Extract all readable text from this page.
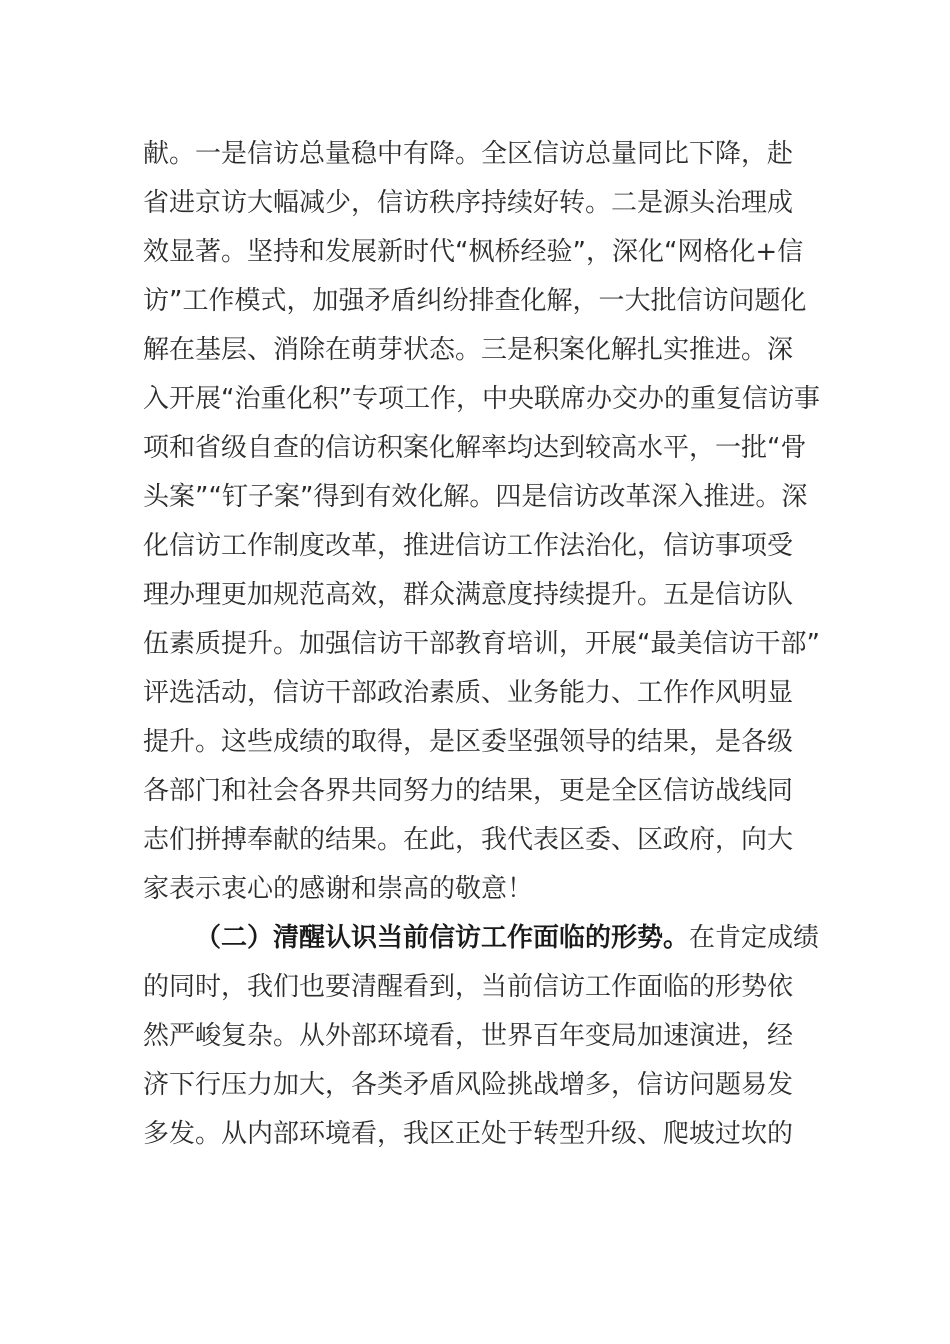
献。一是信访总量稳中有降。全区信访总量同比下降，赴
省进京访大幅减少，信访秩序持续好转。二是源头治理成
效显著。坚持和发展新时代“枫桥经验”，深化“网格化+信
访”工作模式，加强矛盾纠纷排查化解，一大批信访问题化
解在基层、消除在萌芽状态。三是积案化解扎实推进。深
入开展“治重化积”专项工作，中央联席办交办的重复信访事
项和省级自查的信访积案化解率均达到较高水平，一批“骨
头案”“钉子案”得到有效化解。四是信访改革深入推进。深
化信访工作制度改革，推进信访工作法治化，信访事项受
理办理更加规范高效，群众满意度持续提升。五是信访队
伍素质提升。加强信访干部教育培训，开展“最美信访干部”
评选活动，信访干部政治素质、业务能力、工作作风明显
提升。这些成绩的取得，是区委坚强领导的结果，是各级
各部门和社会各界共同努力的结果，更是全区信访战线同
志们拼搏奉献的结果。在此，我代表区委、区政府，向大
家表示衷心的感谢和崇高的敬意！
（二）清醒认识当前信访工作面临的形势。在肯定成绩
的同时，我们也要清醒看到，当前信访工作面临的形势依
然严峻复杂。从外部环境看，世界百年变局加速演进，经
济下行压力加大，各类矛盾风险挑战增多，信访问题易发
多发。从内部环境看，我区正处于转型升级、爬坡过坎的
